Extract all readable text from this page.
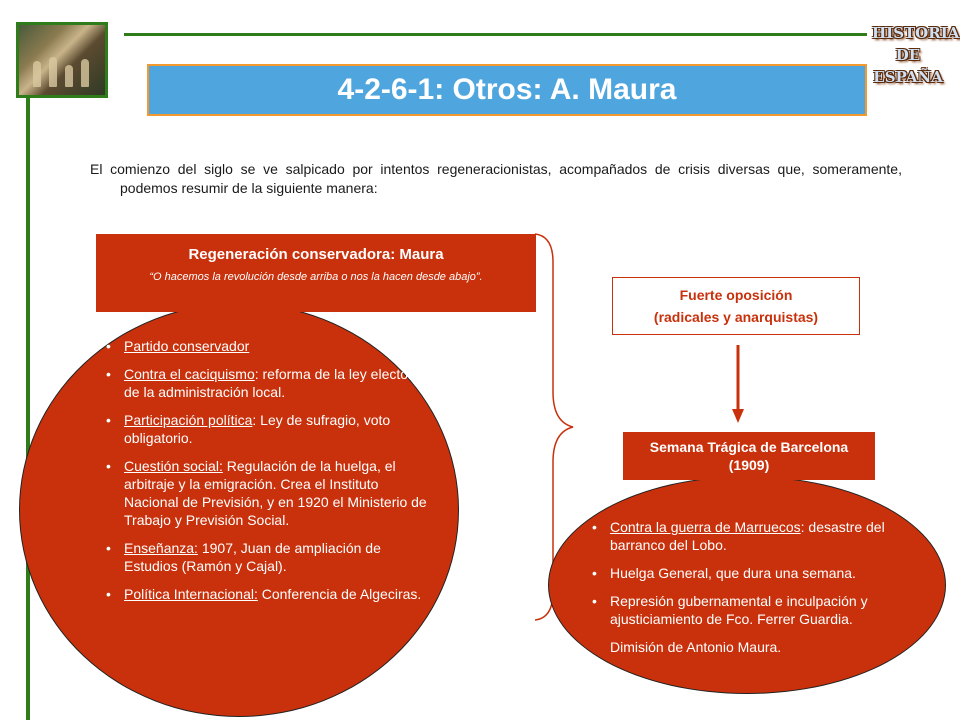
HISTORIA
DE
ESPAÑA
4-2-6-1: Otros: A. Maura
El comienzo del siglo se ve salpicado por intentos regeneracionistas, acompañados de crisis diversas que, someramente, podemos resumir de la siguiente manera:
Regeneración conservadora: Maura
“O hacemos la revolución desde arriba o nos la hacen desde abajo”.
• Partido conservador
• Contra el caciquismo: reforma de la ley electoral y de la administración local.
• Participación política: Ley de sufragio, voto obligatorio.
• Cuestión social: Regulación de la huelga, el arbitraje y la emigración. Crea el Instituto Nacional de Previsión, y en 1920 el Ministerio de Trabajo y Previsión Social.
• Enseñanza: 1907, Juan de ampliación de Estudios (Ramón y Cajal).
• Política Internacional: Conferencia de Algeciras.
Fuerte oposición
(radicales y anarquistas)
Semana Trágica de Barcelona
(1909)
• Contra la guerra de Marruecos: desastre del barranco del Lobo.
• Huelga General, que dura una semana.
• Represión gubernamental e inculpación y ajusticiamiento de Fco. Ferrer Guardia.
Dimisión de Antonio Maura.
